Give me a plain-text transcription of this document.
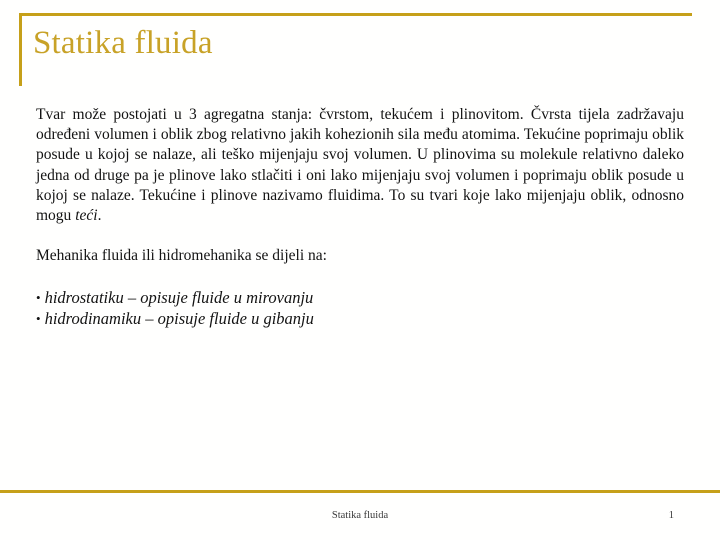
Statika fluida

Tvar može postojati u 3 agregatna stanja: čvrstom, tekućem i plinovitom. Čvrsta tijela zadržavaju određeni volumen i oblik zbog relativno jakih kohezionih sila među atomima. Tekućine poprimaju oblik posude u kojoj se nalaze, ali teško mijenjaju svoj volumen. U plinovima su molekule relativno daleko jedna od druge pa je plinove lako stlačiti i oni lako mijenjaju svoj volumen i poprimaju oblik posude u kojoj se nalaze. Tekućine i plinove nazivamo fluidima. To su tvari koje lako mijenjaju oblik, odnosno mogu teći.

Mehanika fluida ili hidromehanika se dijeli na:

• hidrostatiku – opisuje fluide u mirovanju
• hidrodinamiku – opisuje fluide u gibanju
Statika fluida	1
